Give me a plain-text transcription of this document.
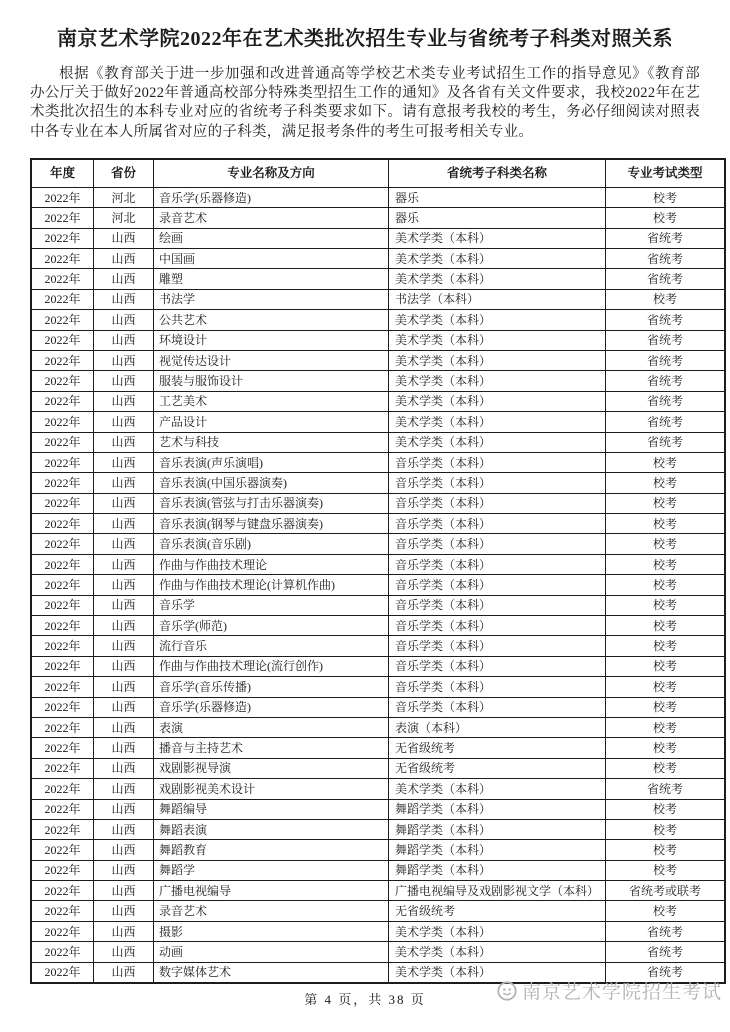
南京艺术学院2022年在艺术类批次招生专业与省统考子科类对照关系
根据《教育部关于进一步加强和改进普通高等学校艺术类专业考试招生工作的指导意见》《教育部办公厅关于做好2022年普通高校部分特殊类型招生工作的通知》及各省有关文件要求，我校2022年在艺术类批次招生的本科专业对应的省统考子科类要求如下。请有意报考我校的考生，务必仔细阅读对照表中各专业在本人所属省对应的子科类，满足报考条件的考生可报考相关专业。
年度	省份	专业名称及方向	省统考子科类名称	专业考试类型
2022年	河北	音乐学(乐器修造)	器乐	校考
2022年	河北	录音艺术	器乐	校考
2022年	山西	绘画	美术学类（本科）	省统考
2022年	山西	中国画	美术学类（本科）	省统考
2022年	山西	雕塑	美术学类（本科）	省统考
2022年	山西	书法学	书法学（本科）	校考
2022年	山西	公共艺术	美术学类（本科）	省统考
2022年	山西	环境设计	美术学类（本科）	省统考
2022年	山西	视觉传达设计	美术学类（本科）	省统考
2022年	山西	服装与服饰设计	美术学类（本科）	省统考
2022年	山西	工艺美术	美术学类（本科）	省统考
2022年	山西	产品设计	美术学类（本科）	省统考
2022年	山西	艺术与科技	美术学类（本科）	省统考
2022年	山西	音乐表演(声乐演唱)	音乐学类（本科）	校考
2022年	山西	音乐表演(中国乐器演奏)	音乐学类（本科）	校考
2022年	山西	音乐表演(管弦与打击乐器演奏)	音乐学类（本科）	校考
2022年	山西	音乐表演(钢琴与键盘乐器演奏)	音乐学类（本科）	校考
2022年	山西	音乐表演(音乐剧)	音乐学类（本科）	校考
2022年	山西	作曲与作曲技术理论	音乐学类（本科）	校考
2022年	山西	作曲与作曲技术理论(计算机作曲)	音乐学类（本科）	校考
2022年	山西	音乐学	音乐学类（本科）	校考
2022年	山西	音乐学(师范)	音乐学类（本科）	校考
2022年	山西	流行音乐	音乐学类（本科）	校考
2022年	山西	作曲与作曲技术理论(流行创作)	音乐学类（本科）	校考
2022年	山西	音乐学(音乐传播)	音乐学类（本科）	校考
2022年	山西	音乐学(乐器修造)	音乐学类（本科）	校考
2022年	山西	表演	表演（本科）	校考
2022年	山西	播音与主持艺术	无省级统考	校考
2022年	山西	戏剧影视导演	无省级统考	校考
2022年	山西	戏剧影视美术设计	美术学类（本科）	省统考
2022年	山西	舞蹈编导	舞蹈学类（本科）	校考
2022年	山西	舞蹈表演	舞蹈学类（本科）	校考
2022年	山西	舞蹈教育	舞蹈学类（本科）	校考
2022年	山西	舞蹈学	舞蹈学类（本科）	校考
2022年	山西	广播电视编导	广播电视编导及戏剧影视文学（本科）	省统考或联考
2022年	山西	录音艺术	无省级统考	校考
2022年	山西	摄影	美术学类（本科）	省统考
2022年	山西	动画	美术学类（本科）	省统考
2022年	山西	数字媒体艺术	美术学类（本科）	省统考
第 4 页，共 38 页	南京艺术学院招生考试
